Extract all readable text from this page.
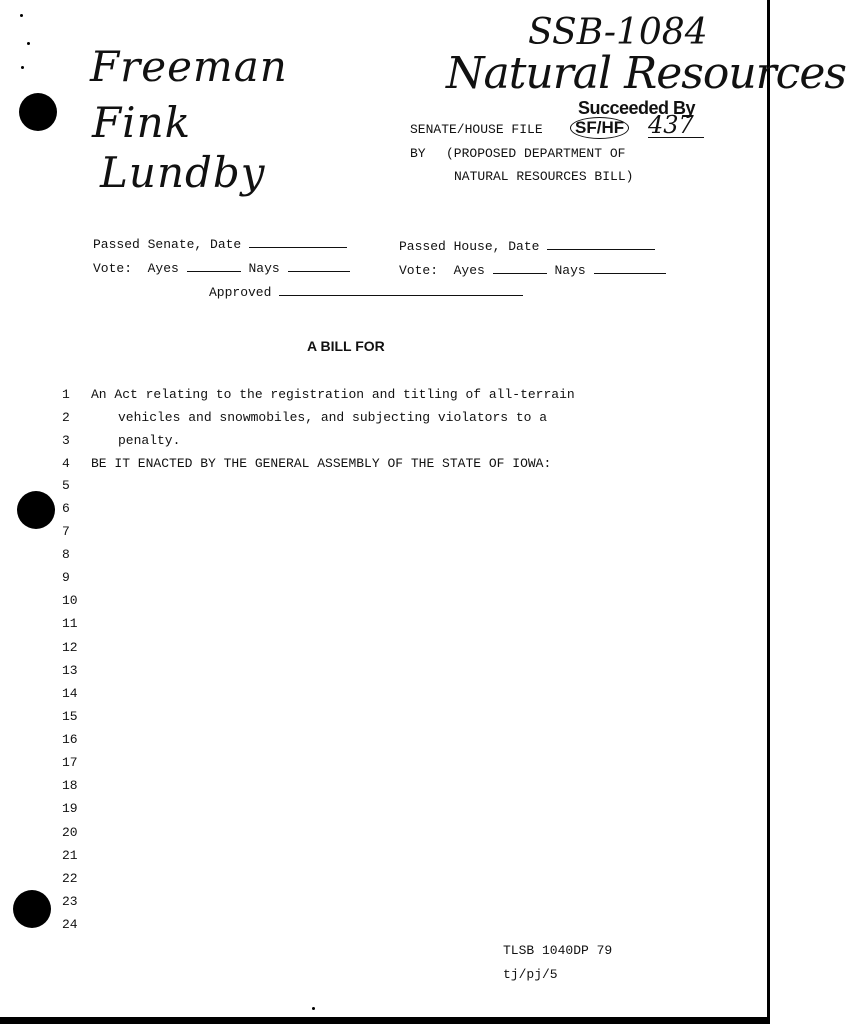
Freeman
Fink
Lundby
SSB-1084
Natural Resources
Succeeded By
SENATE/HOUSE FILE SF/HF 437
BY (PROPOSED DEPARTMENT OF
NATURAL RESOURCES BILL)
Passed Senate, Date	Passed House, Date
Vote: Ayes	Nays	Vote: Ayes	Nays
Approved
A BILL FOR
1
2
3
4
5
6
7
8
9
10
11
12
13
14
15
16
17
18
19
20
21
22
23
24
An Act relating to the registration and titling of all-terrain
vehicles and snowmobiles, and subjecting violators to a
penalty.
BE IT ENACTED BY THE GENERAL ASSEMBLY OF THE STATE OF IOWA:
TLSB 1040DP 79
tj/pj/5
